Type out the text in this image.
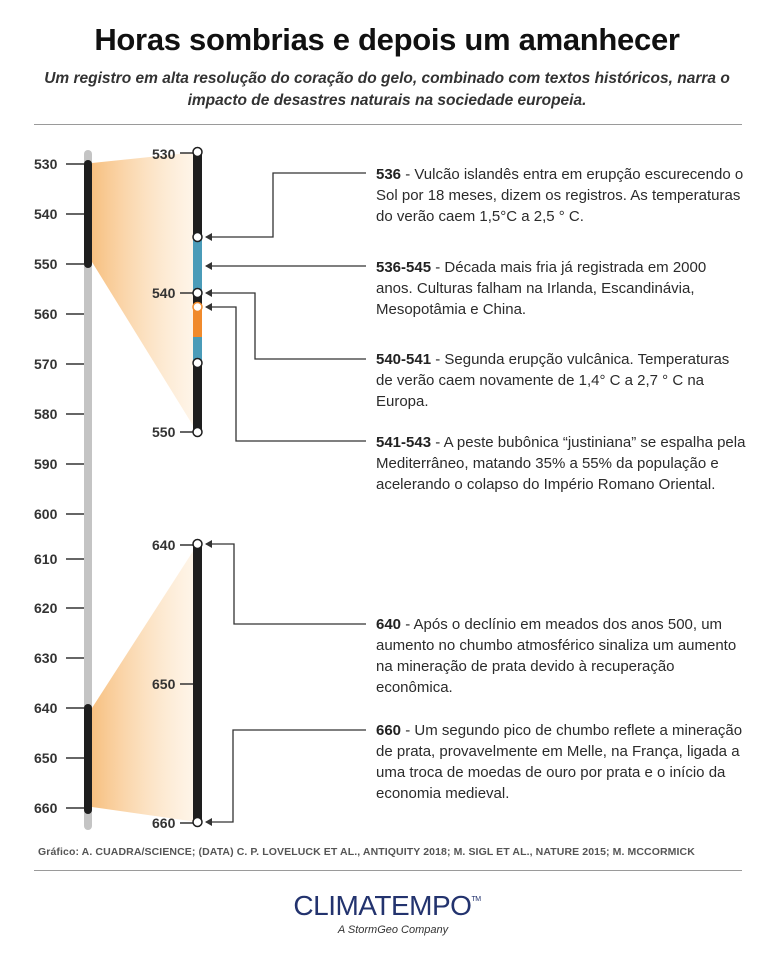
Horas sombrias e depois um amanhecer
Um registro em alta resolução do coração do gelo, combinado com textos históricos, narra o impacto de desastres naturais na sociedade europeia.
530
540
550
560
570
580
590
600
610
620
630
640
650
660
530
540
550
640
650
660
536 - Vulcão islandês entra em erupção escurecendo o Sol por 18 meses, dizem os registros. As temperaturas do verão caem 1,5°C a 2,5 ° C.
536-545 - Década mais fria já registrada em 2000 anos. Culturas falham na Irlanda, Escandinávia, Mesopotâmia e China.
540-541 - Segunda erupção vulcânica. Temperaturas de verão caem novamente de 1,4° C a 2,7 ° C na Europa.
541-543 - A peste bubônica “justiniana” se espalha pela Mediterrâneo, matando 35% a 55% da população e acelerando o colapso do Império Romano Oriental.
640 - Após o declínio em meados dos anos 500, um aumento no chumbo atmosférico sinaliza um aumento na mineração de prata devido à recuperação econômica.
660 - Um segundo pico de chumbo reflete a mineração de prata, provavelmente em Melle, na França, ligada a uma troca de moedas de ouro por prata e o início da economia medieval.
Gráfico: A. CUADRA/SCIENCE; (DATA) C. P. LOVELUCK ET AL., ANTIQUITY 2018; M. SIGL ET AL., NATURE 2015; M. MCCORMICK
CLIMATEMPO™
A StormGeo Company
